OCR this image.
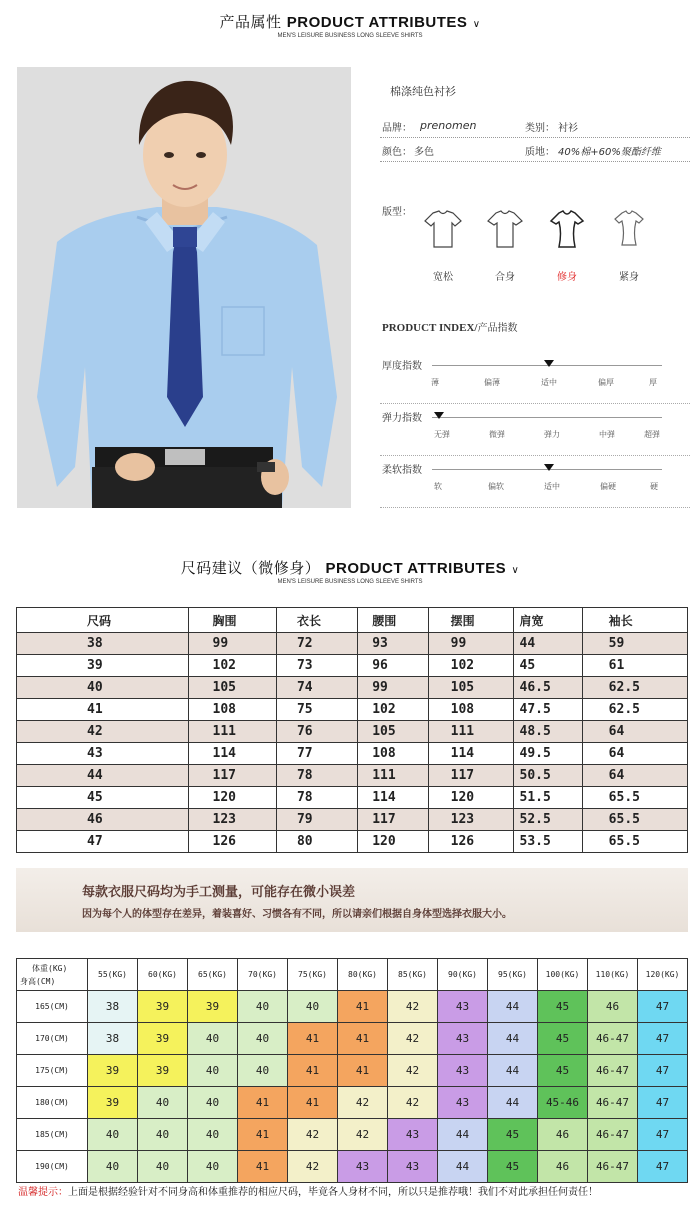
产品属性 PRODUCT ATTRIBUTES ∨
MEN'S LEISURE BUSINESS LONG SLEEVE SHIRTS
棉涤纯色衬衫
品牌： prenomen	类别： 衬衫
颜色： 多色	质地： 40%棉+60%聚酯纤维
版型：
宽松	合身	修身	紧身
PRODUCT INDEX/产品指数
厚度指数
薄	偏薄	适中	偏厚	厚
弹力指数
无弹	微弹	弹力	中弹	超弹
柔软指数
软	偏软	适中	偏硬	硬
尺码建议（微修身） PRODUCT ATTRIBUTES ∨
MEN'S LEISURE BUSINESS LONG SLEEVE SHIRTS
尺码	胸围	衣长	腰围	摆围	肩宽	袖长
38	99	72	93	99	44	59
39	102	73	96	102	45	61
40	105	74	99	105	46.5	62.5
41	108	75	102	108	47.5	62.5
42	111	76	105	111	48.5	64
43	114	77	108	114	49.5	64
44	117	78	111	117	50.5	64
45	120	78	114	120	51.5	65.5
46	123	79	117	123	52.5	65.5
47	126	80	120	126	53.5	65.5
每款衣服尺码均为手工测量，可能存在微小误差
因为每个人的体型存在差异，着装喜好、习惯各有不同，所以请亲们根据自身体型选择衣服大小。
体重(KG)
身高(CM)	55(KG)	60(KG)	65(KG)	70(KG)	75(KG)	80(KG)	85(KG)	90(KG)	95(KG)	100(KG)	110(KG)	120(KG)
165(CM)	38	39	39	40	40	41	42	43	44	45	46	47
170(CM)	38	39	40	40	41	41	42	43	44	45	46-47	47
175(CM)	39	39	40	40	41	41	42	43	44	45	46-47	47
180(CM)	39	40	40	41	41	42	42	43	44	45-46	46-47	47
185(CM)	40	40	40	41	42	42	43	44	45	46	46-47	47
190(CM)	40	40	40	41	42	43	43	44	45	46	46-47	47
温馨提示：上面是根据经验针对不同身高和体重推荐的相应尺码，毕竟各人身材不同，所以只是推荐哦！我们不对此承担任何责任！
